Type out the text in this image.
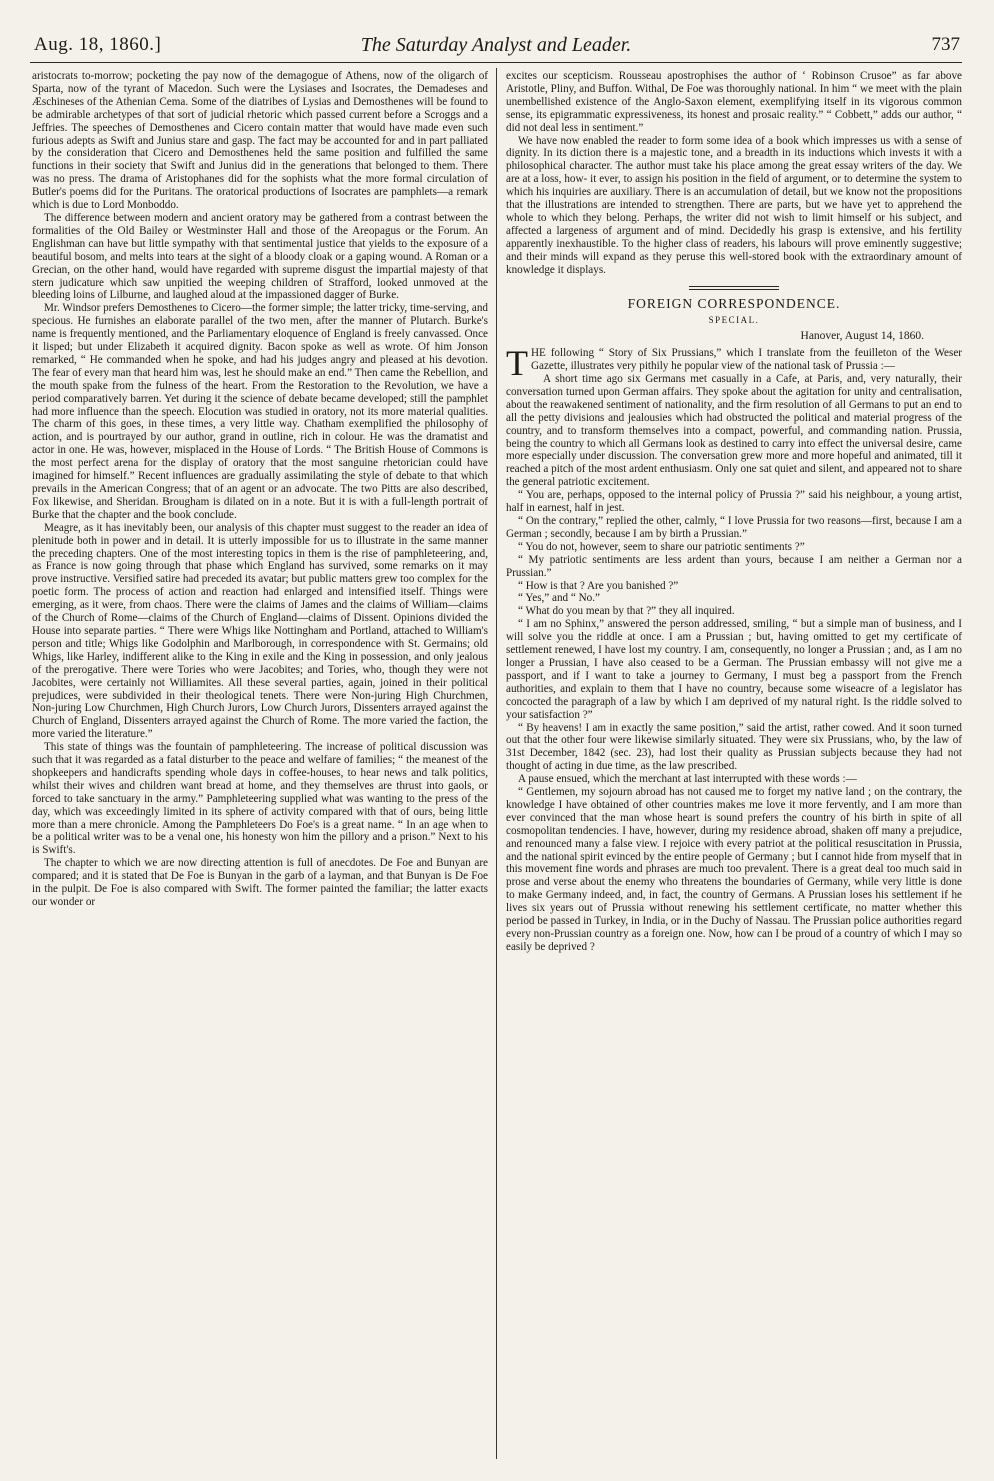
Aug. 18, 1860.]	The Saturday Analyst and Leader.	737

aristocrats to-morrow; pocketing the pay now of the demagogue of Athens, now of the oligarch of Sparta, now of the tyrant of Macedon. Such were the Lysiases and Isocrates, the Demadeses and Æschineses of the Athenian Cema. Some of the diatribes of Lysias and Demosthenes will be found to be admirable archetypes of that sort of judicial rhetoric which passed current before a Scroggs and a Jeffries. The speeches of Demosthenes and Cicero contain matter that would have made even such furious adepts as Swift and Junius stare and gasp. The fact may be accounted for and in part palliated by the consideration that Cicero and Demosthenes held the same position and fulfilled the same functions in their society that Swift and Junius did in the generations that belonged to them. There was no press. The drama of Aristophanes did for the sophists what the more formal circulation of Butler's poems did for the Puritans. The oratorical productions of Isocrates are pamphlets—a remark which is due to Lord Monboddo.

The difference between modern and ancient oratory may be gathered from a contrast between the formalities of the Old Bailey or Westminster Hall and those of the Areopagus or the Forum. An Englishman can have but little sympathy with that sentimental justice that yields to the exposure of a beautiful bosom, and melts into tears at the sight of a bloody cloak or a gaping wound. A Roman or a Grecian, on the other hand, would have regarded with supreme disgust the impartial majesty of that stern judicature which saw unpitied the weeping children of Strafford, looked unmoved at the bleeding loins of Lilburne, and laughed aloud at the impassioned dagger of Burke.

Mr. Windsor prefers Demosthenes to Cicero—the former simple; the latter tricky, time-serving, and specious. He furnishes an elaborate parallel of the two men, after the manner of Plutarch. Burke's name is frequently mentioned, and the Parliamentary eloquence of England is freely canvassed. Once it lisped; but under Elizabeth it acquired dignity. Bacon spoke as well as wrote. Of him Jonson remarked, “ He commanded when he spoke, and had his judges angry and pleased at his devotion. The fear of every man that heard him was, lest he should make an end.” Then came the Rebellion, and the mouth spake from the fulness of the heart. From the Restoration to the Revolution, we have a period comparatively barren. Yet during it the science of debate became developed; still the pamphlet had more influence than the speech. Elocution was studied in oratory, not its more material qualities. The charm of this goes, in these times, a very little way. Chatham exemplified the philosophy of action, and is pourtrayed by our author, grand in outline, rich in colour. He was the dramatist and actor in one. He was, however, misplaced in the House of Lords. “ The British House of Commons is the most perfect arena for the display of oratory that the most sanguine rhetorician could have imagined for himself.” Recent influences are gradually assimilating the style of debate to that which prevails in the American Congress; that of an agent or an advocate. The two Pitts are also described, Fox likewise, and Sheridan. Brougham is dilated on in a note. But it is with a full-length portrait of Burke that the chapter and the book conclude.

Meagre, as it has inevitably been, our analysis of this chapter must suggest to the reader an idea of plenitude both in power and in detail. It is utterly impossible for us to illustrate in the same manner the preceding chapters. One of the most interesting topics in them is the rise of pamphleteering, and, as France is now going through that phase which England has survived, some remarks on it may prove instructive. Versified satire had preceded its avatar; but public matters grew too complex for the poetic form. The process of action and reaction had enlarged and intensified itself. Things were emerging, as it were, from chaos. There were the claims of James and the claims of William—claims of the Church of Rome—claims of the Church of England—claims of Dissent. Opinions divided the House into separate parties. “ There were Whigs like Nottingham and Portland, attached to William's person and title; Whigs like Godolphin and Marlborough, in correspondence with St. Germains; old Whigs, like Harley, indifferent alike to the King in exile and the King in possession, and only jealous of the prerogative. There were Tories who were Jacobites; and Tories, who, though they were not Jacobites, were certainly not Williamites. All these several parties, again, joined in their political prejudices, were subdivided in their theological tenets. There were Non-juring High Churchmen, Non-juring Low Churchmen, High Church Jurors, Low Church Jurors, Dissenters arrayed against the Church of England, Dissenters arrayed against the Church of Rome. The more varied the faction, the more varied the literature.”

This state of things was the fountain of pamphleteering. The increase of political discussion was such that it was regarded as a fatal disturber to the peace and welfare of families; “ the meanest of the shopkeepers and handicrafts spending whole days in coffee-houses, to hear news and talk politics, whilst their wives and children want bread at home, and they themselves are thrust into gaols, or forced to take sanctuary in the army.” Pamphleteering supplied what was wanting to the press of the day, which was exceedingly limited in its sphere of activity compared with that of ours, being little more than a mere chronicle. Among the Pamphleteers Do Foe's is a great name. “ In an age when to be a political writer was to be a venal one, his honesty won him the pillory and a prison.” Next to his is Swift's.

The chapter to which we are now directing attention is full of anecdotes. De Foe and Bunyan are compared; and it is stated that De Foe is Bunyan in the garb of a layman, and that Bunyan is De Foe in the pulpit. De Foe is also compared with Swift. The former painted the familiar; the latter exacts our wonder or

excites our scepticism. Rousseau apostrophises the author of ‘ Robinson Crusoe” as far above Aristotle, Pliny, and Buffon. Withal, De Foe was thoroughly national. In him “ we meet with the plain unembellished existence of the Anglo-Saxon element, exemplifying itself in its vigorous common sense, its epigrammatic expressiveness, its honest and prosaic reality.” “ Cobbett,” adds our author, “ did not deal less in sentiment.”

We have now enabled the reader to form some idea of a book which impresses us with a sense of dignity. In its diction there is a majestic tone, and a breadth in its inductions which invests it with a philosophical character. The author must take his place among the great essay writers of the day. We are at a loss, how- it ever, to assign his position in the field of argument, or to determine the system to which his inquiries are auxiliary. There is an accumulation of detail, but we know not the propositions that the illustrations are intended to strengthen. There are parts, but we have yet to apprehend the whole to which they belong. Perhaps, the writer did not wish to limit himself or his subject, and affected a largeness of argument and of mind. Decidedly his grasp is extensive, and his fertility apparently inexhaustible. To the higher class of readers, his labours will prove eminently suggestive; and their minds will expand as they peruse this well-stored book with the extraordinary amount of knowledge it displays.

FOREIGN CORRESPONDENCE.
SPECIAL.
Hanover, August 14, 1860.

THE following “ Story of Six Prussians,” which I translate from the feuilleton of the Weser Gazette, illustrates very pithily he popular view of the national task of Prussia :—

A short time ago six Germans met casually in a Cafe, at Paris, and, very naturally, their conversation turned upon German affairs. They spoke about the agitation for unity and centralisation, about the reawakened sentiment of nationality, and the firm resolution of all Germans to put an end to all the petty divisions and jealousies which had obstructed the political and material progress of the country, and to transform themselves into a compact, powerful, and commanding nation. Prussia, being the country to which all Germans look as destined to carry into effect the universal desire, came more especially under discussion. The conversation grew more and more hopeful and animated, till it reached a pitch of the most ardent enthusiasm. Only one sat quiet and silent, and appeared not to share the general patriotic excitement.

“ You are, perhaps, opposed to the internal policy of Prussia ?” said his neighbour, a young artist, half in earnest, half in jest.

“ On the contrary,” replied the other, calmly, “ I love Prussia for two reasons—first, because I am a German ; secondly, because I am by birth a Prussian.”

“ You do not, however, seem to share our patriotic sentiments ?”

“ My patriotic sentiments are less ardent than yours, because I am neither a German nor a Prussian.”

“ How is that ? Are you banished ?”

“ Yes,” and “ No.”

“ What do you mean by that ?” they all inquired.

“ I am no Sphinx,” answered the person addressed, smiling, “ but a simple man of business, and I will solve you the riddle at once. I am a Prussian ; but, having omitted to get my certificate of settlement renewed, I have lost my country. I am, consequently, no longer a Prussian ; and, as I am no longer a Prussian, I have also ceased to be a German. The Prussian embassy will not give me a passport, and if I want to take a journey to Germany, I must beg a passport from the French authorities, and explain to them that I have no country, because some wiseacre of a legislator has concocted the paragraph of a law by which I am deprived of my natural right. Is the riddle solved to your satisfaction ?”

“ By heavens! I am in exactly the same position,” said the artist, rather cowed. And it soon turned out that the other four were likewise similarly situated. They were six Prussians, who, by the law of 31st December, 1842 (sec. 23), had lost their quality as Prussian subjects because they had not thought of acting in due time, as the law prescribed.

A pause ensued, which the merchant at last interrupted with these words :—

“ Gentlemen, my sojourn abroad has not caused me to forget my native land ; on the contrary, the knowledge I have obtained of other countries makes me love it more fervently, and I am more than ever convinced that the man whose heart is sound prefers the country of his birth in spite of all cosmopolitan tendencies. I have, however, during my residence abroad, shaken off many a prejudice, and renounced many a false view. I rejoice with every patriot at the political resuscitation in Prussia, and the national spirit evinced by the entire people of Germany ; but I cannot hide from myself that in this movement fine words and phrases are much too prevalent. There is a great deal too much said in prose and verse about the enemy who threatens the boundaries of Germany, while very little is done to make Germany indeed, and, in fact, the country of Germans. A Prussian loses his settlement if he lives six years out of Prussia without renewing his settlement certificate, no matter whether this period be passed in Turkey, in India, or in the Duchy of Nassau. The Prussian police authorities regard every non-Prussian country as a foreign one. Now, how can I be proud of a country of which I may so easily be deprived ?
